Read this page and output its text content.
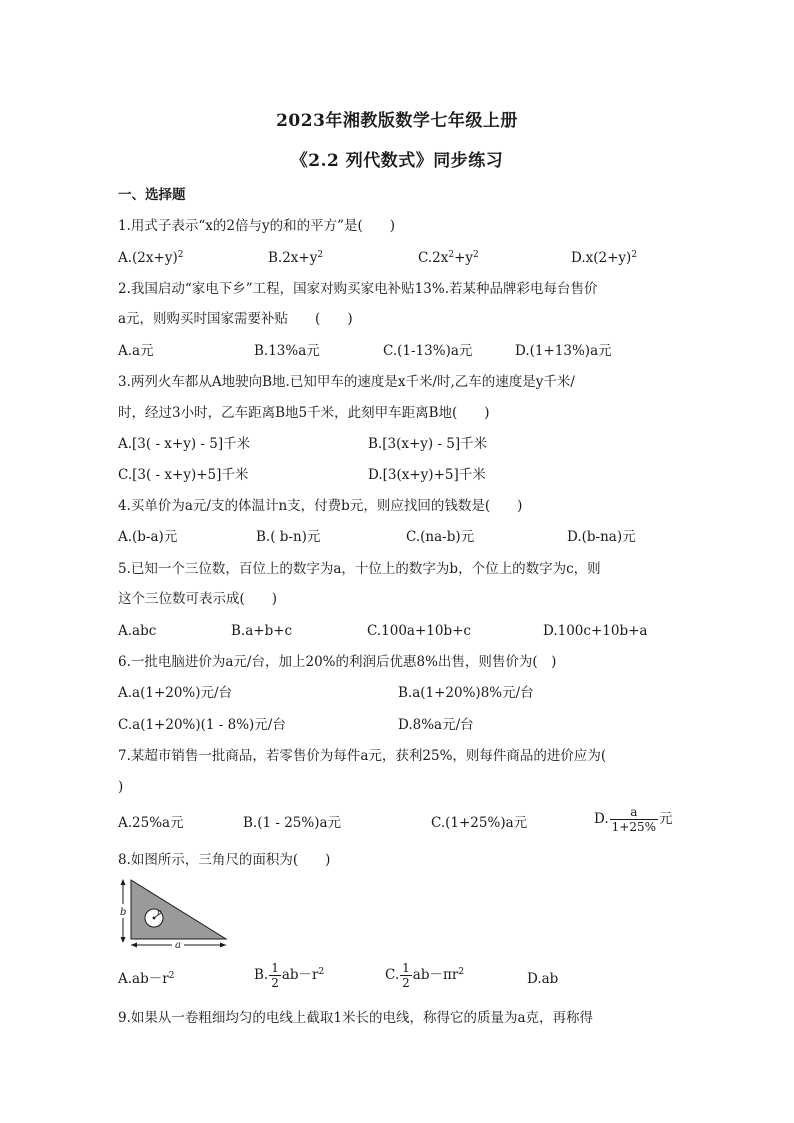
2023年湘教版数学七年级上册
《2.2 列代数式》同步练习
一、选择题
1.用式子表示“x的2倍与y的和的平方”是(　　)
$A.(2x+y)^2$	$B.2x+y^2$	$C.2x^2+y^2$	$D.x(2+y)^2$
2.我国启动“家电下乡”工程，国家对购买家电补贴13%.若某种品牌彩电每台售价
a元，则购买时国家需要补贴　　(　　)
A.a元	B.13%a元	C.(1-13%)a元	D.(1+13%)a元
3.两列火车都从A地驶向B地.已知甲车的速度是x千米/时,乙车的速度是y千米/
时，经过3小时，乙车距离B地5千米，此刻甲车距离B地(　　)
A.[3( - x+y) - 5]千米	B.[3(x+y) - 5]千米
C.[3( - x+y)+5]千米	D.[3(x+y)+5]千米
4.买单价为a元/支的体温计n支，付费b元，则应找回的钱数是(　　)
A.(b-a)元	B.( b-n)元	C.(na-b)元	D.(b-na)元
5.已知一个三位数，百位上的数字为a，十位上的数字为b，个位上的数字为c，则
这个三位数可表示成(　　)
A.abc	B.a+b+c	C.100a+10b+c	D.100c+10b+a
6.一批电脑进价为a元/台，加上20%的利润后优惠8%出售，则售价为(　)
A.a(1+20%)元/台	B.a(1+20%)8%元/台
C.a(1+20%)(1 - 8%)元/台	D.8%a元/台
7.某超市销售一批商品，若零售价为每件a元，获利25%，则每件商品的进价应为(
)
A.25%a元	B.(1 - 25%)a元	C.(1+25%)a元	D. $\frac{a}{1+25\%}$ 元
8.如图所示，三角尺的面积为(　　)
b	r
a
$A.ab-r^2$	B. $\frac{1}{2} ab-r^2$	C. $\frac{1}{2} ab-\pi r^2$	D.ab
9.如果从一卷粗细均匀的电线上截取1米长的电线，称得它的质量为a克，再称得
